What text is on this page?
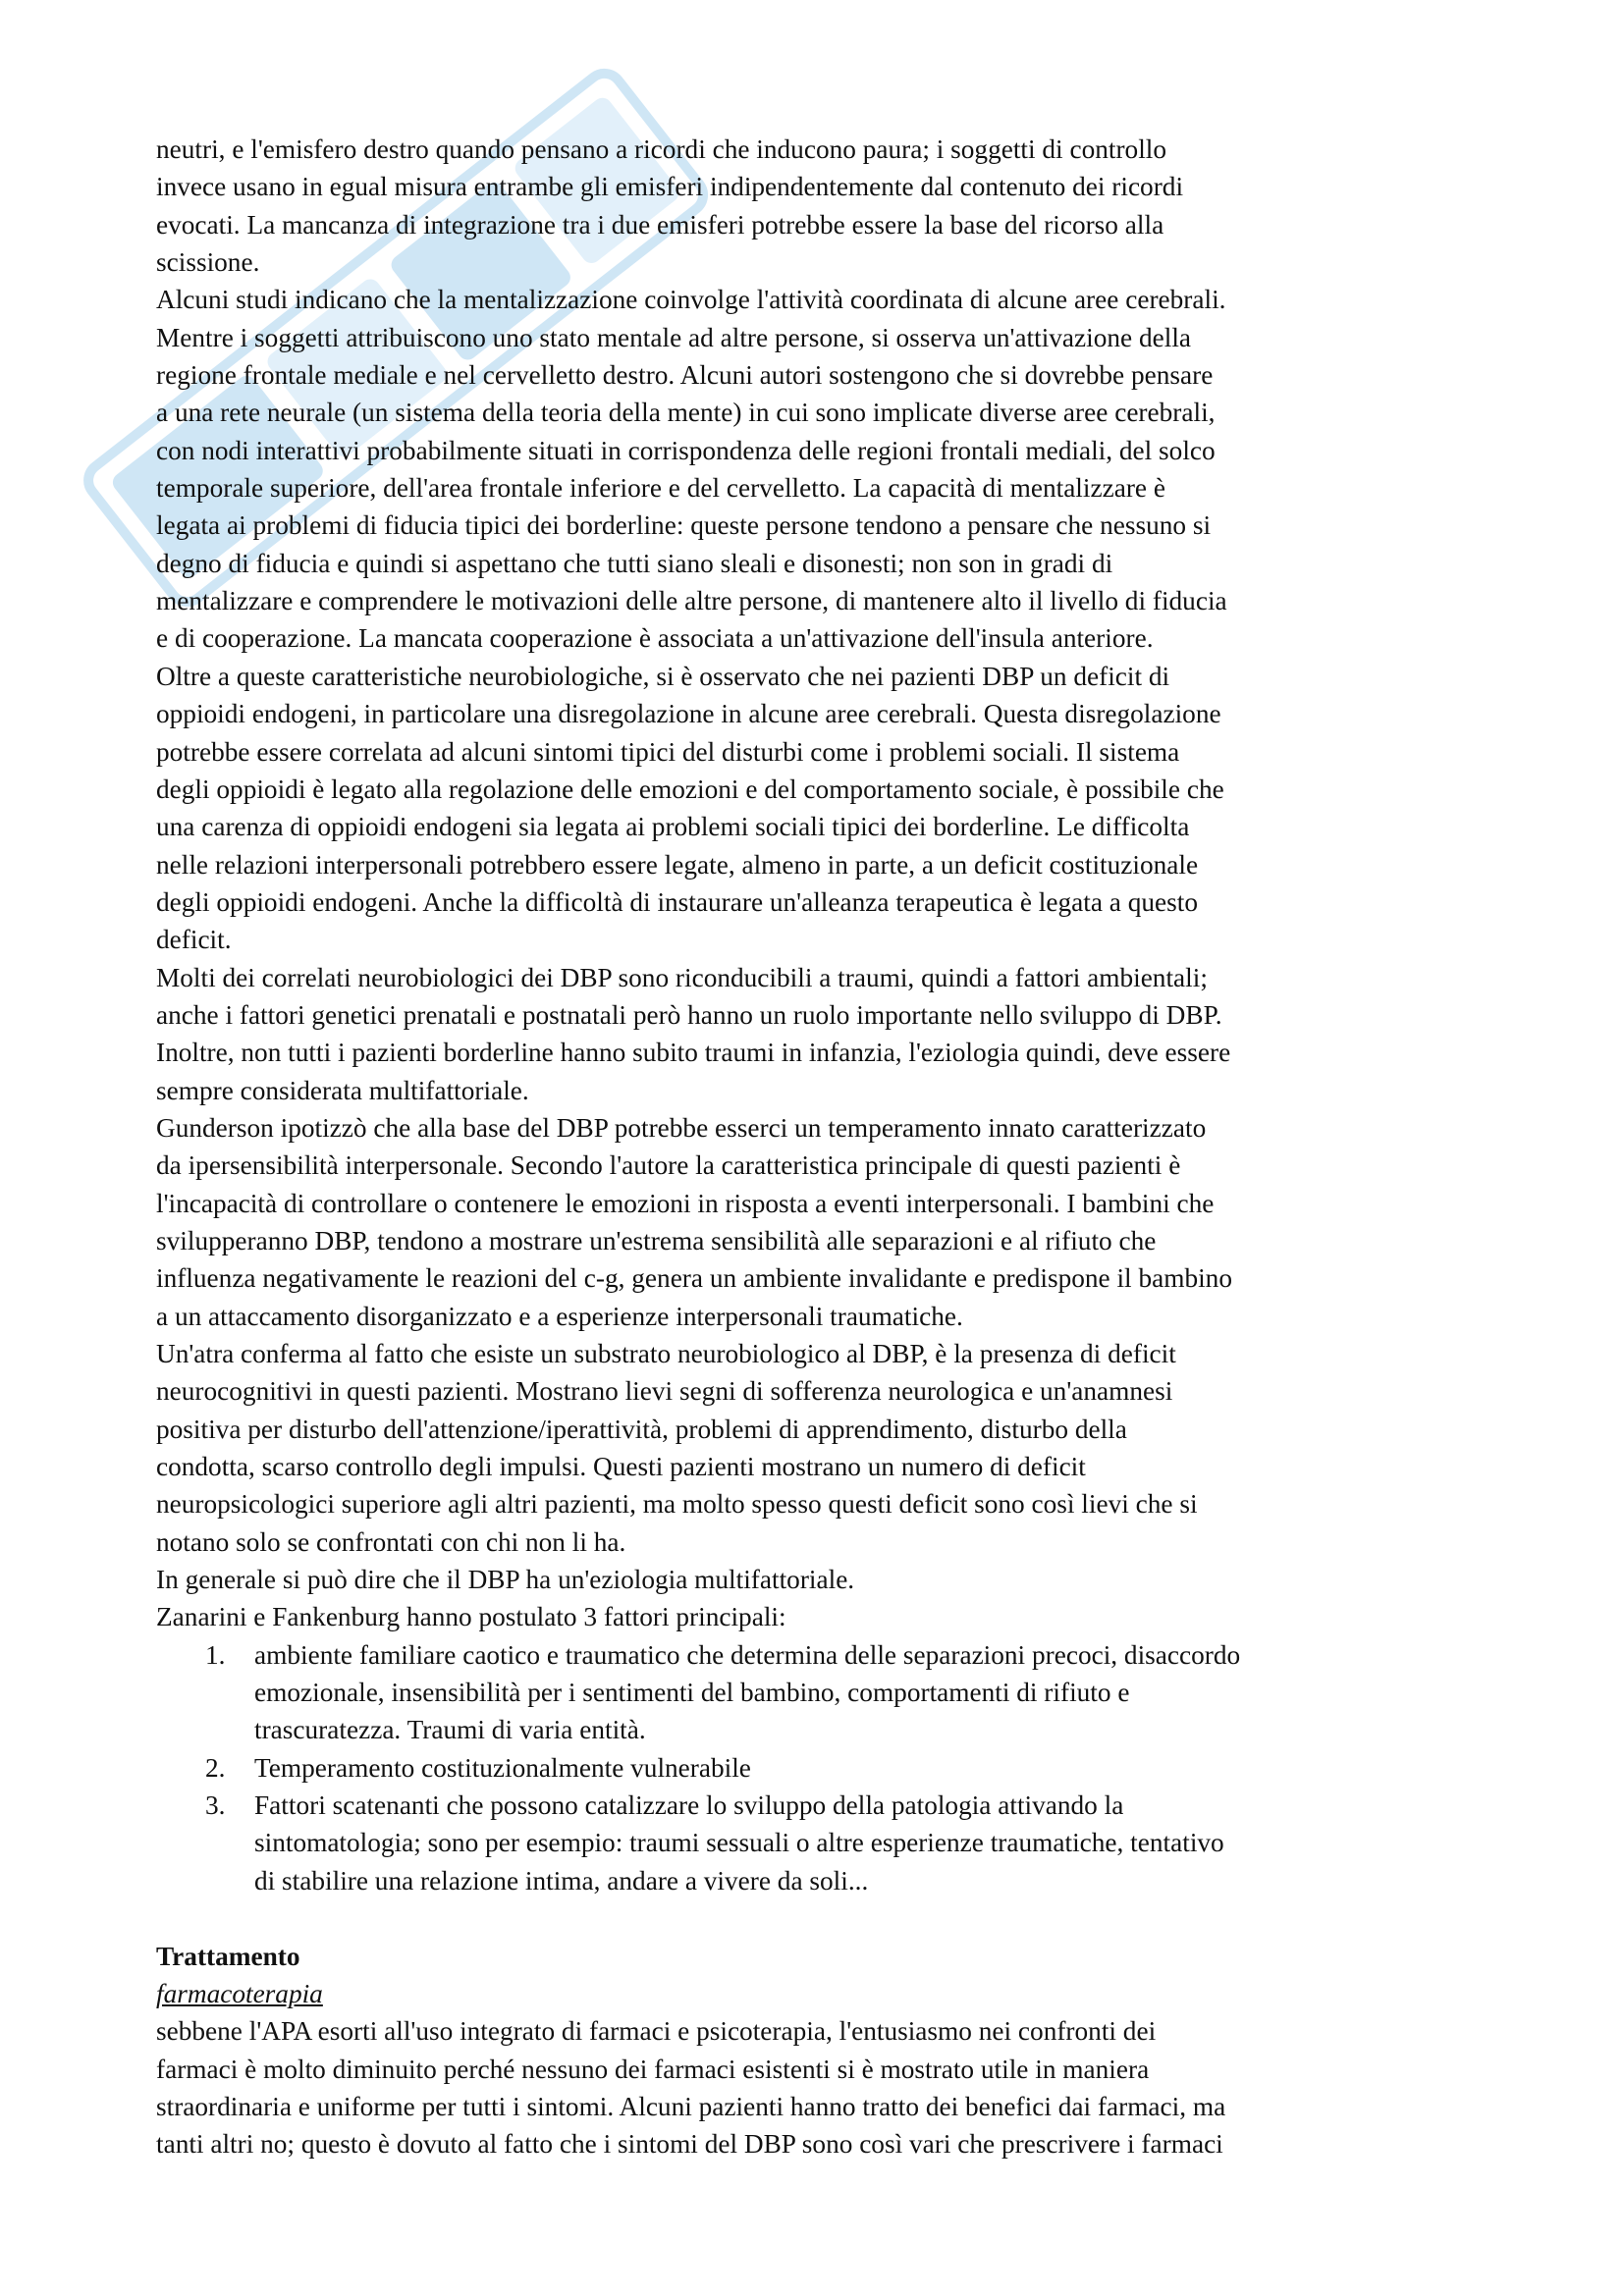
neutri, e l'emisfero destro quando pensano a ricordi che inducono paura; i soggetti di controllo
invece usano in egual misura entrambe gli emisferi indipendentemente dal contenuto dei ricordi
evocati. La mancanza di integrazione tra i due emisferi potrebbe essere la base del ricorso alla
scissione.
Alcuni studi indicano che la mentalizzazione coinvolge l'attività coordinata di alcune aree cerebrali.
Mentre i soggetti attribuiscono uno stato mentale ad altre persone, si osserva un'attivazione della
regione frontale mediale e nel cervelletto destro. Alcuni autori sostengono che si dovrebbe pensare
a una rete neurale (un sistema della teoria della mente) in cui sono implicate diverse aree cerebrali,
con nodi interattivi probabilmente situati in corrispondenza delle regioni frontali mediali, del solco
temporale superiore, dell'area frontale inferiore e del cervelletto. La capacità di mentalizzare è
legata ai problemi di fiducia tipici dei borderline: queste persone tendono a pensare che nessuno si
degno di fiducia e quindi si aspettano che tutti siano sleali e disonesti; non son in gradi di
mentalizzare e comprendere le motivazioni delle altre persone, di mantenere alto il livello di fiducia
e di cooperazione. La mancata cooperazione è associata a un'attivazione dell'insula anteriore.
Oltre a queste caratteristiche neurobiologiche, si è osservato che nei pazienti DBP un deficit di
oppioidi endogeni, in particolare una disregolazione in alcune aree cerebrali. Questa disregolazione
potrebbe essere correlata ad alcuni sintomi tipici del disturbi come i problemi sociali. Il sistema
degli oppioidi è legato alla regolazione delle emozioni e del comportamento sociale, è possibile che
una carenza di oppioidi endogeni sia legata ai problemi sociali tipici dei borderline. Le difficolta
nelle relazioni interpersonali potrebbero essere legate, almeno in parte, a un deficit costituzionale
degli oppioidi endogeni. Anche la difficoltà di instaurare un'alleanza terapeutica è legata a questo
deficit.
Molti dei correlati neurobiologici dei DBP sono riconducibili a traumi, quindi a fattori ambientali;
anche i fattori genetici prenatali e postnatali però hanno un ruolo importante nello sviluppo di DBP.
Inoltre, non tutti i pazienti borderline hanno subito traumi in infanzia, l'eziologia quindi, deve essere
sempre considerata multifattoriale.
Gunderson ipotizzò che alla base del DBP potrebbe esserci un temperamento innato caratterizzato
da ipersensibilità interpersonale. Secondo l'autore la caratteristica principale di questi pazienti è
l'incapacità di controllare o contenere le emozioni in risposta a eventi interpersonali. I bambini che
svilupperanno DBP, tendono a mostrare un'estrema sensibilità alle separazioni e al rifiuto che
influenza negativamente le reazioni del c-g, genera un ambiente invalidante e predispone il bambino
a un attaccamento disorganizzato e a esperienze interpersonali traumatiche.
Un'atra conferma al fatto che esiste un substrato neurobiologico al DBP, è la presenza di deficit
neurocognitivi in questi pazienti. Mostrano lievi segni di sofferenza neurologica e un'anamnesi
positiva per disturbo dell'attenzione/iperattività, problemi di apprendimento, disturbo della
condotta, scarso controllo degli impulsi. Questi pazienti mostrano un numero di deficit
neuropsicologici superiore agli altri pazienti, ma molto spesso questi deficit sono così lievi che si
notano solo se confrontati con chi non li ha.
In generale si può dire che il DBP ha un'eziologia multifattoriale.
Zanarini e Fankenburg hanno postulato 3 fattori principali:
1.	ambiente familiare caotico e traumatico che determina delle separazioni precoci, disaccordo
emozionale, insensibilità per i sentimenti del bambino, comportamenti di rifiuto e
trascuratezza. Traumi di varia entità.
2.	Temperamento costituzionalmente vulnerabile
3.	Fattori scatenanti che possono catalizzare lo sviluppo della patologia attivando la
sintomatologia; sono per esempio: traumi sessuali o altre esperienze traumatiche, tentativo
di stabilire una relazione intima, andare a vivere da soli...
Trattamento
farmacoterapia
sebbene l'APA esorti all'uso integrato di farmaci e psicoterapia, l'entusiasmo nei confronti dei
farmaci è molto diminuito perché nessuno dei farmaci esistenti si è mostrato utile in maniera
straordinaria e uniforme per tutti i sintomi. Alcuni pazienti hanno tratto dei benefici dai farmaci, ma
tanti altri no; questo è dovuto al fatto che i sintomi del DBP sono così vari che prescrivere i farmaci
